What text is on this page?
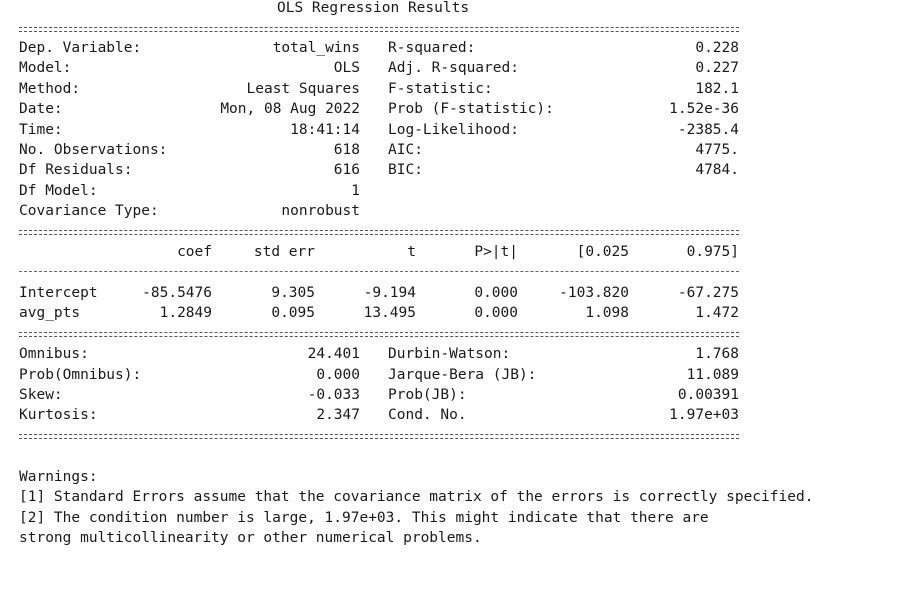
OLS Regression Results
Dep. Variable:	total_wins R-squared:	0.228
Model:	OLS Adj. R-squared:	0.227
Method:	Least Squares F-statistic:	182.1
Date:	Mon, 08 Aug 2022 Prob (F-statistic):	1.52e-36
Time:	18:41:14 Log-Likelihood:	-2385.4
No. Observations:	618 AIC:	4775.
Df Residuals:	616 BIC:	4784.
Df Model:	1
Covariance Type:	nonrobust
coef	std err	t	P>|t|	[0.025	0.975]
Intercept	-85.5476	9.305	-9.194	0.000	-103.820	-67.275
avg_pts	1.2849	0.095	13.495	0.000	1.098	1.472
Omnibus:	24.401 Durbin-Watson:	1.768
Prob(Omnibus):	0.000 Jarque-Bera (JB):	11.089
Skew:	-0.033 Prob(JB):	0.00391
Kurtosis:	2.347 Cond. No.	1.97e+03
Warnings:
[1] Standard Errors assume that the covariance matrix of the errors is correctly specified.
[2] The condition number is large, 1.97e+03. This might indicate that there are
strong multicollinearity or other numerical problems.
